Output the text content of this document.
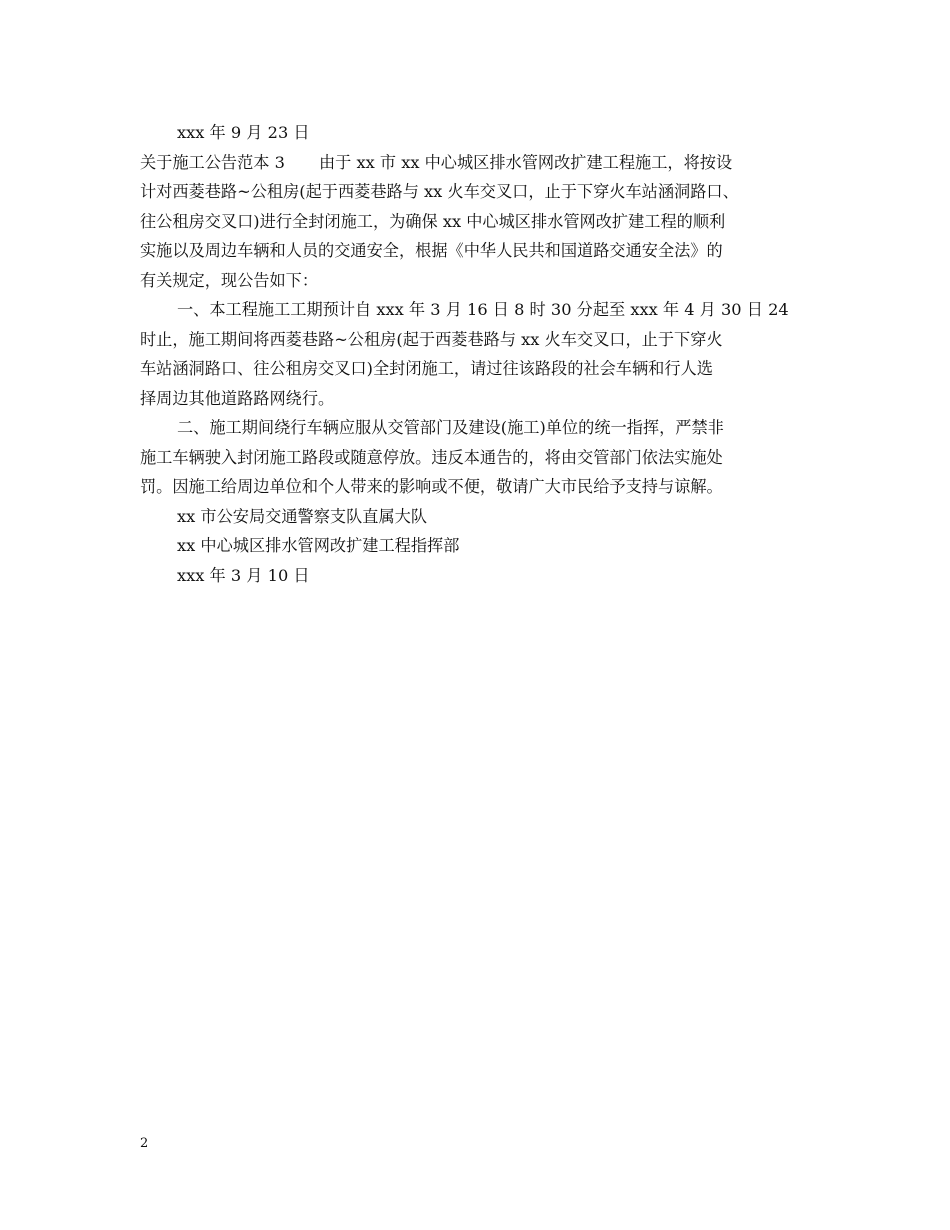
xxx 年 9 月 23 日
关于施工公告范本 3 由于 xx 市 xx 中心城区排水管网改扩建工程施工，将按设
计对西菱巷路~公租房(起于西菱巷路与 xx 火车交叉口，止于下穿火车站涵洞路口、
往公租房交叉口)进行全封闭施工，为确保 xx 中心城区排水管网改扩建工程的顺利
实施以及周边车辆和人员的交通安全，根据《中华人民共和国道路交通安全法》的
有关规定，现公告如下：
一、本工程施工工期预计自 xxx 年 3 月 16 日 8 时 30 分起至 xxx 年 4 月 30 日 24
时止，施工期间将西菱巷路~公租房(起于西菱巷路与 xx 火车交叉口，止于下穿火
车站涵洞路口、往公租房交叉口)全封闭施工，请过往该路段的社会车辆和行人选
择周边其他道路路网绕行。
二、施工期间绕行车辆应服从交管部门及建设(施工)单位的统一指挥，严禁非
施工车辆驶入封闭施工路段或随意停放。违反本通告的，将由交管部门依法实施处
罚。因施工给周边单位和个人带来的影响或不便，敬请广大市民给予支持与谅解。
xx 市公安局交通警察支队直属大队
xx 中心城区排水管网改扩建工程指挥部
xxx 年 3 月 10 日
2
